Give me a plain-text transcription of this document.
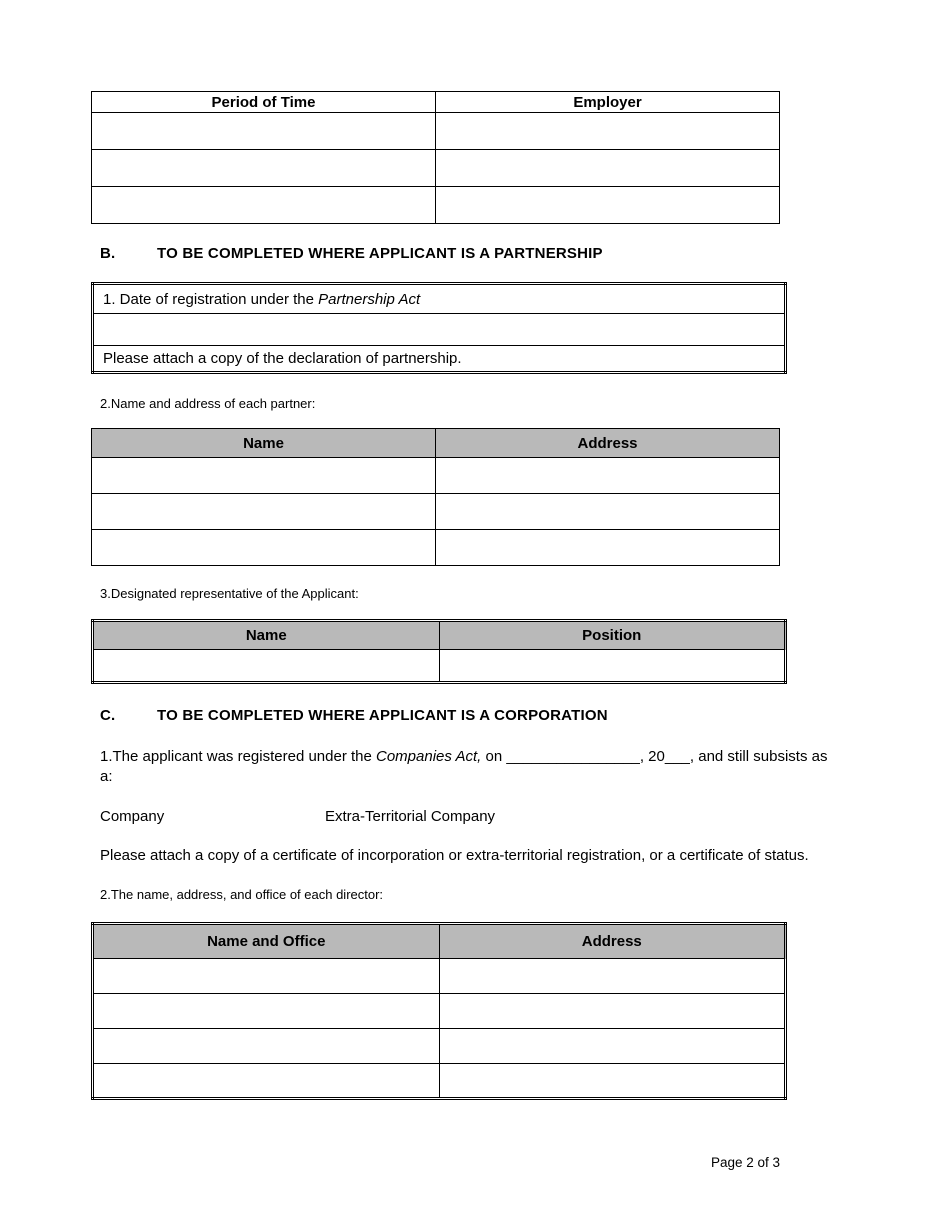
Period of Time	Employer

B.	TO BE COMPLETED WHERE APPLICANT IS A PARTNERSHIP
1. Date of registration under the Partnership Act

Please attach a copy of the declaration of partnership.
2.Name and address of each partner:
Name	Address

3.Designated representative of the Applicant:
Name	Position

C.	TO BE COMPLETED WHERE APPLICANT IS A CORPORATION
1.The applicant was registered under the Companies Act, on ________________, 20___, and still subsists as a:
Company	Extra-Territorial Company
Please attach a copy of a certificate of incorporation or extra-territorial registration, or a certificate of status.
2.The name, address, and office of each director:
Name and Office	Address

Page 2 of 3
